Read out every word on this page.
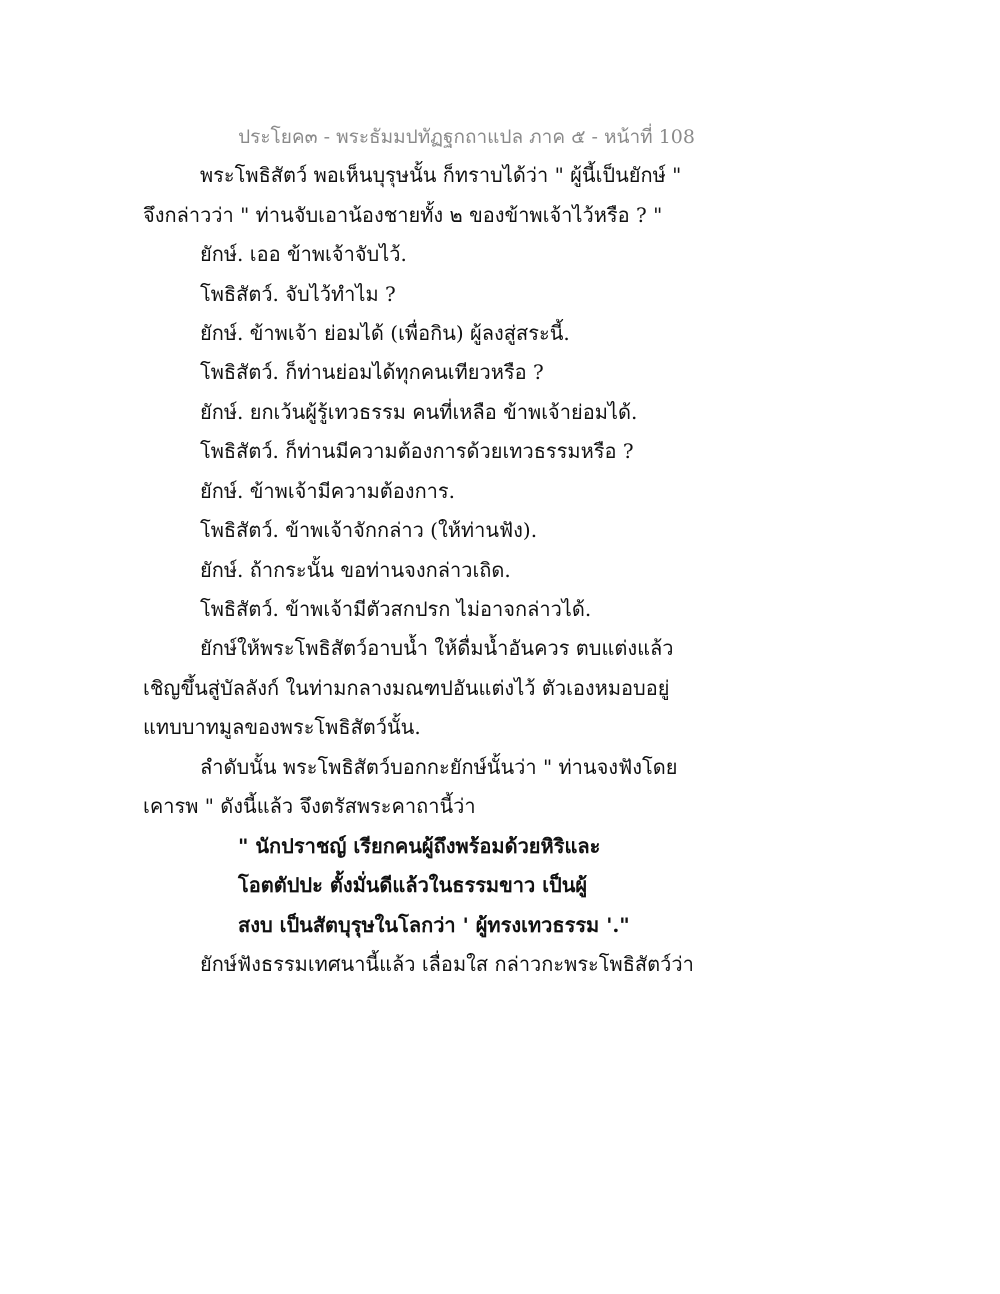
ประโยค๓ - พระธัมมปทัฏฐกถาแปล ภาค ๕ - หน้าที่ 108
พระโพธิสัตว์ พอเห็นบุรุษนั้น ก็ทราบได้ว่า " ผู้นี้เป็นยักษ์ "
จึงกล่าวว่า " ท่านจับเอาน้องชายทั้ง ๒ ของข้าพเจ้าไว้หรือ ? "
ยักษ์. เออ ข้าพเจ้าจับไว้.
โพธิสัตว์. จับไว้ทำไม ?
ยักษ์. ข้าพเจ้า ย่อมได้ (เพื่อกิน) ผู้ลงสู่สระนี้.
โพธิสัตว์. ก็ท่านย่อมได้ทุกคนเทียวหรือ ?
ยักษ์. ยกเว้นผู้รู้เทวธรรม คนที่เหลือ ข้าพเจ้าย่อมได้.
โพธิสัตว์. ก็ท่านมีความต้องการด้วยเทวธรรมหรือ ?
ยักษ์. ข้าพเจ้ามีความต้องการ.
โพธิสัตว์. ข้าพเจ้าจักกล่าว (ให้ท่านฟัง).
ยักษ์. ถ้ากระนั้น ขอท่านจงกล่าวเถิด.
โพธิสัตว์. ข้าพเจ้ามีตัวสกปรก ไม่อาจกล่าวได้.
ยักษ์ให้พระโพธิสัตว์อาบน้ำ ให้ดื่มน้ำอันควร ตบแต่งแล้ว
เชิญขึ้นสู่บัลลังก์ ในท่ามกลางมณฑปอันแต่งไว้ ตัวเองหมอบอยู่
แทบบาทมูลของพระโพธิสัตว์นั้น.
ลำดับนั้น พระโพธิสัตว์บอกกะยักษ์นั้นว่า " ท่านจงฟังโดย
เคารพ " ดังนี้แล้ว จึงตรัสพระคาถานี้ว่า
" นักปราชญ์ เรียกคนผู้ถึงพร้อมด้วยหิริและ
โอตตัปปะ ตั้งมั่นดีแล้วในธรรมขาว เป็นผู้
สงบ เป็นสัตบุรุษในโลกว่า ' ผู้ทรงเทวธรรม '."
ยักษ์ฟังธรรมเทศนานี้แล้ว เลื่อมใส กล่าวกะพระโพธิสัตว์ว่า
